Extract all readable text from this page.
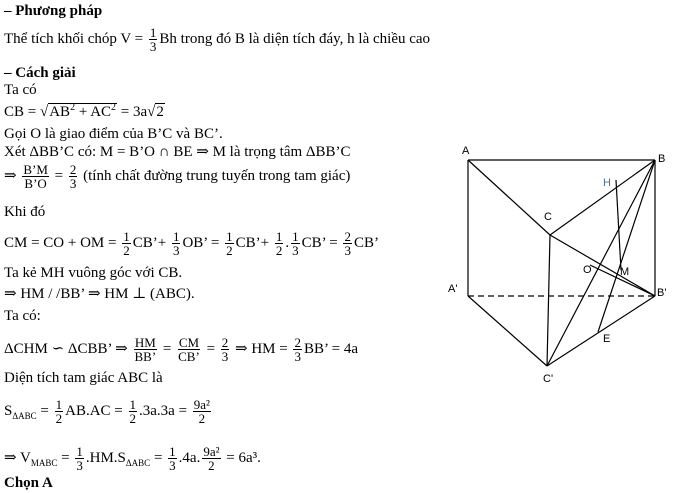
– Phương pháp
Thể tích khối chóp $V = \frac{1}{3}$ Bh trong đó B là diện tích đáy, h là chiều cao
– Cách giải
Ta có
CB = $√AB^2 + AC^2 = 3a√2$
Gọi O là giao điểm của B’C và BC’.
Xét ΔBB’C có: M = B’O ∩ BE ⇒ M là trọng tâm ΔBB’C
⇒ $\frac{B’M}{B’O} = \frac{2}{3}$ (tính chất đường trung tuyến trong tam giác)
Khi đó
CM = CO + OM = $\frac{1}{2}$ CB’+ $\frac{1}{3}$ OB’ = $\frac{1}{2}$ CB’+ $\frac{1}{2}$ . $\frac{1}{3}$ CB’ = $\frac{2}{3}$ CB’
Ta kẻ MH vuông góc với CB.
⇒ HM / /BB’ ⇒ HM ⊥ (ABC).
Ta có:
ΔCHM ∽ ΔCBB’ ⇒ $\frac{HM}{BB’} = \frac{CM}{CB’} = \frac{2}{3}$ ⇒ HM = $\frac{2}{3}$ BB’ = 4a
Diện tích tam giác ABC là
$S_{\Delta ABC} = \frac{1}{2} AB.AC = \frac{1}{2} .3a.3a = \frac{\text{9a²}}{2}$
⇒ $V_{MABC} = \frac{1}{3} .HM.S_{\Delta ABC} = \frac{1}{3} .4a$. $\frac{\text{9a²}}{2} = 6a^3$.
Chọn A
A
B
C
H
O	M
A'	B'
C'
E
